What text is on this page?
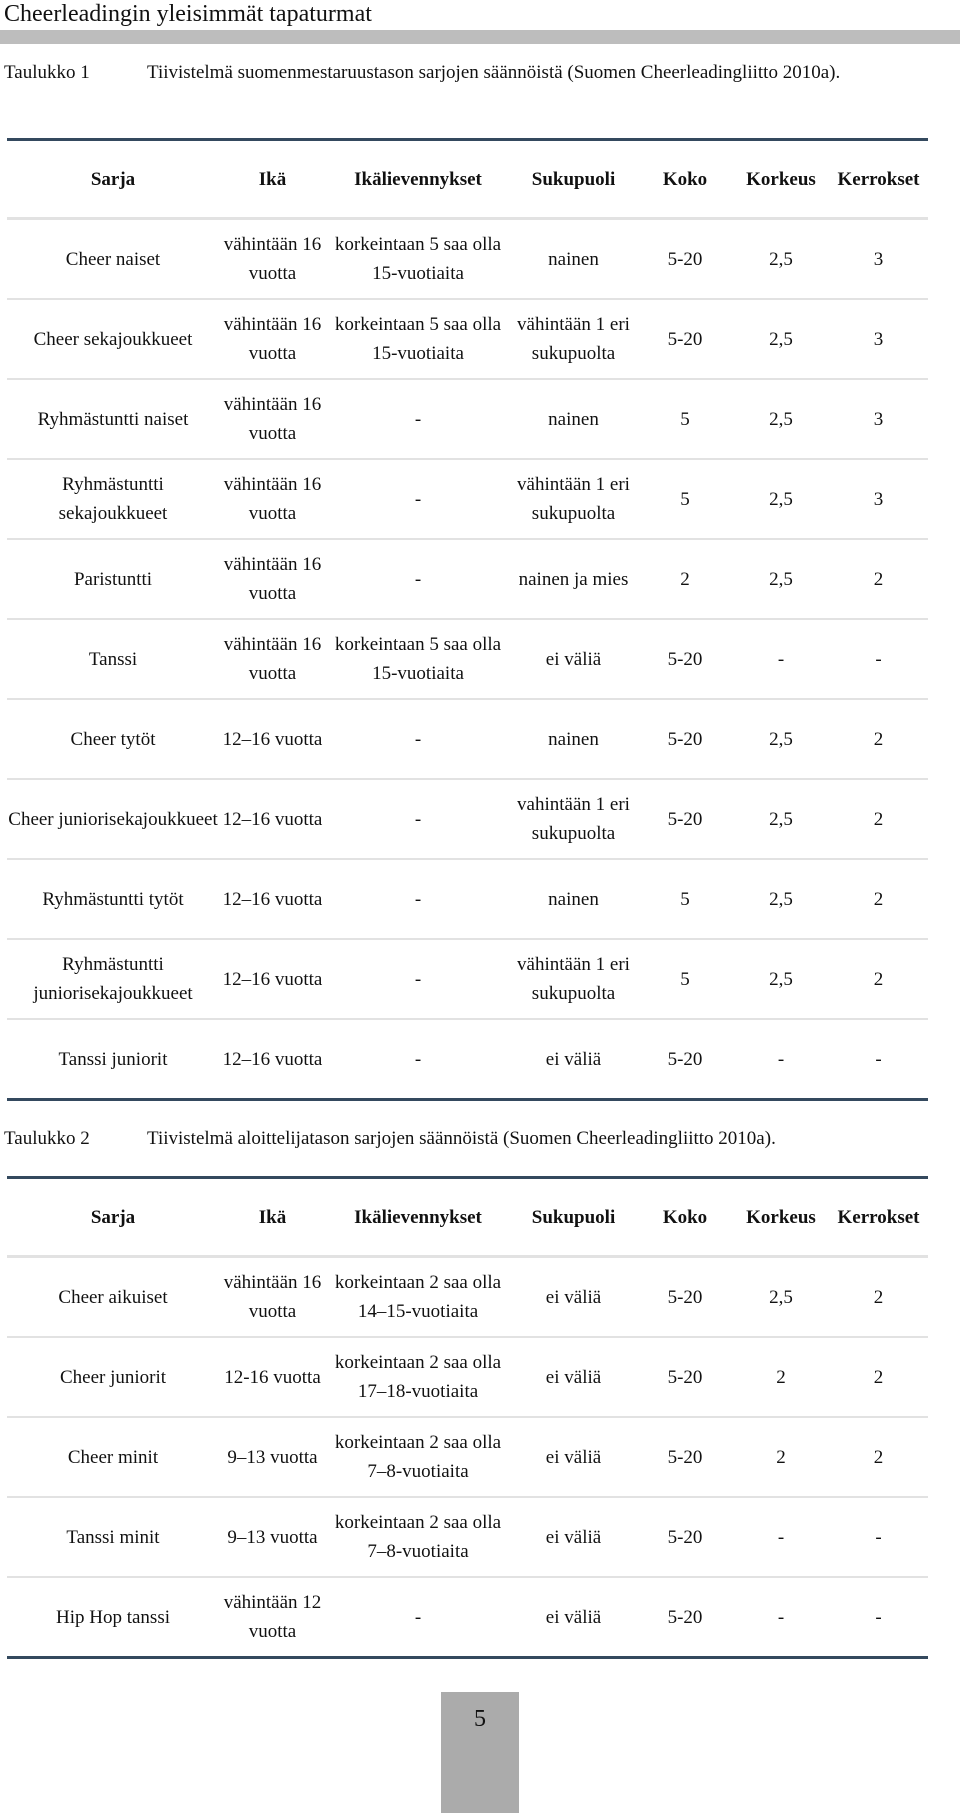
Cheerleadingin yleisimmät tapaturmat
Taulukko 1	Tiivistelmä suomenmestaruustason sarjojen säännöistä (Suomen Cheerleadingliitto 2010a).
Sarja	Ikä	Ikälievennykset	Sukupuoli	Koko	Korkeus	Kerrokset
Cheer naiset	vähintään 16 vuotta	korkeintaan 5 saa olla 15-vuotiaita	nainen	5-20	2,5	3
Cheer sekajoukkueet	vähintään 16 vuotta	korkeintaan 5 saa olla 15-vuotiaita	vähintään 1 eri sukupuolta	5-20	2,5	3
Ryhmästuntti naiset	vähintään 16 vuotta	-	nainen	5	2,5	3
Ryhmästuntti sekajoukkueet	vähintään 16 vuotta	-	vähintään 1 eri sukupuolta	5	2,5	3
Paristuntti	vähintään 16 vuotta	-	nainen ja mies	2	2,5	2
Tanssi	vähintään 16 vuotta	korkeintaan 5 saa olla 15-vuotiaita	ei väliä	5-20	-	-
Cheer tytöt	12–16 vuotta	-	nainen	5-20	2,5	2
Cheer juniorisekajoukkueet	12–16 vuotta	-	vahintään 1 eri sukupuolta	5-20	2,5	2
Ryhmästuntti tytöt	12–16 vuotta	-	nainen	5	2,5	2
Ryhmästuntti juniorisekajoukkueet	12–16 vuotta	-	vähintään 1 eri sukupuolta	5	2,5	2
Tanssi juniorit	12–16 vuotta	-	ei väliä	5-20	-	-
Taulukko 2	Tiivistelmä aloittelijatason sarjojen säännöistä (Suomen Cheerleadingliitto 2010a).
Sarja	Ikä	Ikälievennykset	Sukupuoli	Koko	Korkeus	Kerrokset
Cheer aikuiset	vähintään 16 vuotta	korkeintaan 2 saa olla 14–15-vuotiaita	ei väliä	5-20	2,5	2
Cheer juniorit	12-16 vuotta	korkeintaan 2 saa olla 17–18-vuotiaita	ei väliä	5-20	2	2
Cheer minit	9–13 vuotta	korkeintaan 2 saa olla 7–8-vuotiaita	ei väliä	5-20	2	2
Tanssi minit	9–13 vuotta	korkeintaan 2 saa olla 7–8-vuotiaita	ei väliä	5-20	-	-
Hip Hop tanssi	vähintään 12 vuotta	-	ei väliä	5-20	-	-
5
